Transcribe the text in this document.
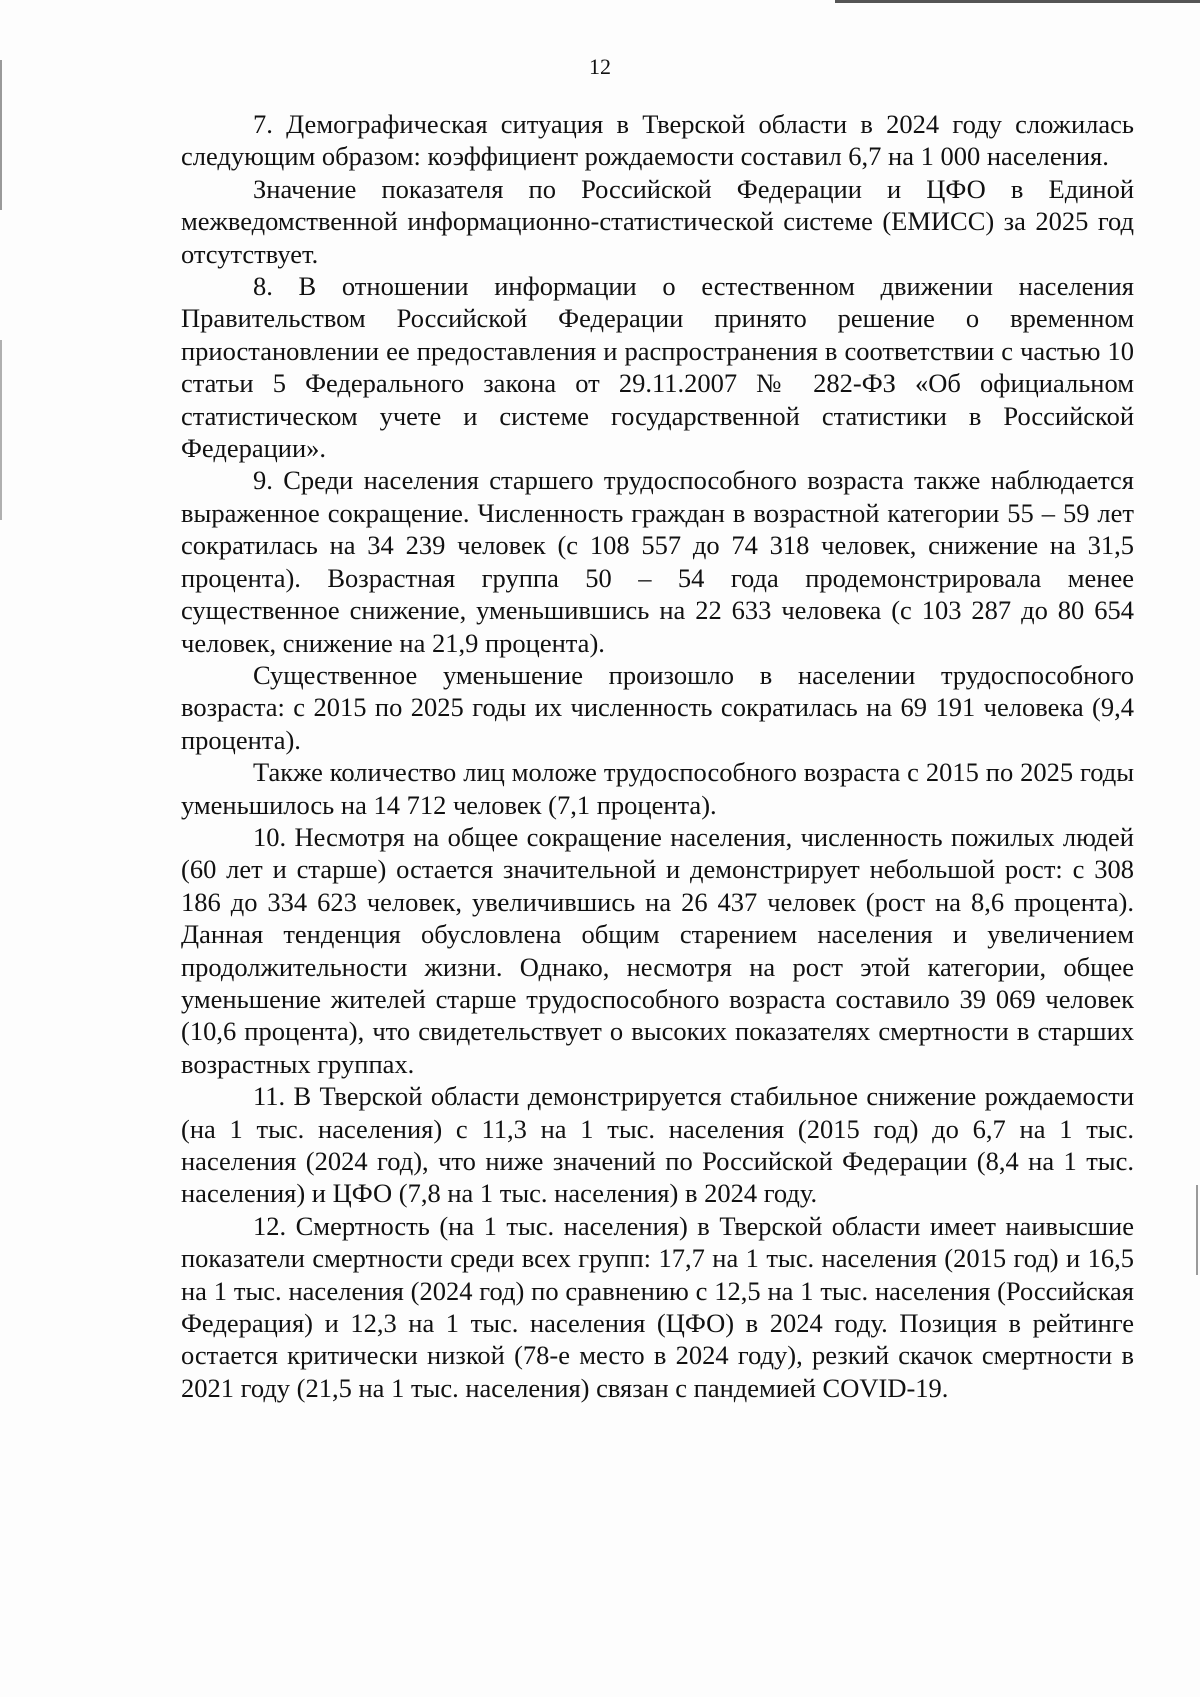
12

7. Демографическая ситуация в Тверской области в 2024 году сложилась следующим образом: коэффициент рождаемости составил 6,7 на 1 000 населения.

Значение показателя по Российской Федерации и ЦФО в Единой межведомственной информационно-статистической системе (ЕМИСС) за 2025 год отсутствует.

8. В отношении информации о естественном движении населения Правительством Российской Федерации принято решение о временном приостановлении ее предоставления и распространения в соответствии с частью 10 статьи 5 Федерального закона от 29.11.2007 № 282-ФЗ «Об официальном статистическом учете и системе государственной статистики в Российской Федерации».

9. Среди населения старшего трудоспособного возраста также наблюдается выраженное сокращение. Численность граждан в возрастной категории 55 – 59 лет сократилась на 34 239 человек (с 108 557 до 74 318 человек, снижение на 31,5 процента). Возрастная группа 50 – 54 года продемонстрировала менее существенное снижение, уменьшившись на 22 633 человека (с 103 287 до 80 654 человек, снижение на 21,9 процента).

Существенное уменьшение произошло в населении трудоспособного возраста: с 2015 по 2025 годы их численность сократилась на 69 191 человека (9,4 процента).

Также количество лиц моложе трудоспособного возраста с 2015 по 2025 годы уменьшилось на 14 712 человек (7,1 процента).

10. Несмотря на общее сокращение населения, численность пожилых людей (60 лет и старше) остается значительной и демонстрирует небольшой рост: с 308 186 до 334 623 человек, увеличившись на 26 437 человек (рост на 8,6 процента). Данная тенденция обусловлена общим старением населения и увеличением продолжительности жизни. Однако, несмотря на рост этой категории, общее уменьшение жителей старше трудоспособного возраста составило 39 069 человек (10,6 процента), что свидетельствует о высоких показателях смертности в старших возрастных группах.

11. В Тверской области демонстрируется стабильное снижение рождаемости (на 1 тыс. населения) с 11,3 на 1 тыс. населения (2015 год) до 6,7 на 1 тыс. населения (2024 год), что ниже значений по Российской Федерации (8,4 на 1 тыс. населения) и ЦФО (7,8 на 1 тыс. населения) в 2024 году.

12. Смертность (на 1 тыс. населения) в Тверской области имеет наивысшие показатели смертности среди всех групп: 17,7 на 1 тыс. населения (2015 год) и 16,5 на 1 тыс. населения (2024 год) по сравнению с 12,5 на 1 тыс. населения (Российская Федерация) и 12,3 на 1 тыс. населения (ЦФО) в 2024 году. Позиция в рейтинге остается критически низкой (78-е место в 2024 году), резкий скачок смертности в 2021 году (21,5 на 1 тыс. населения) связан с пандемией COVID-19.
